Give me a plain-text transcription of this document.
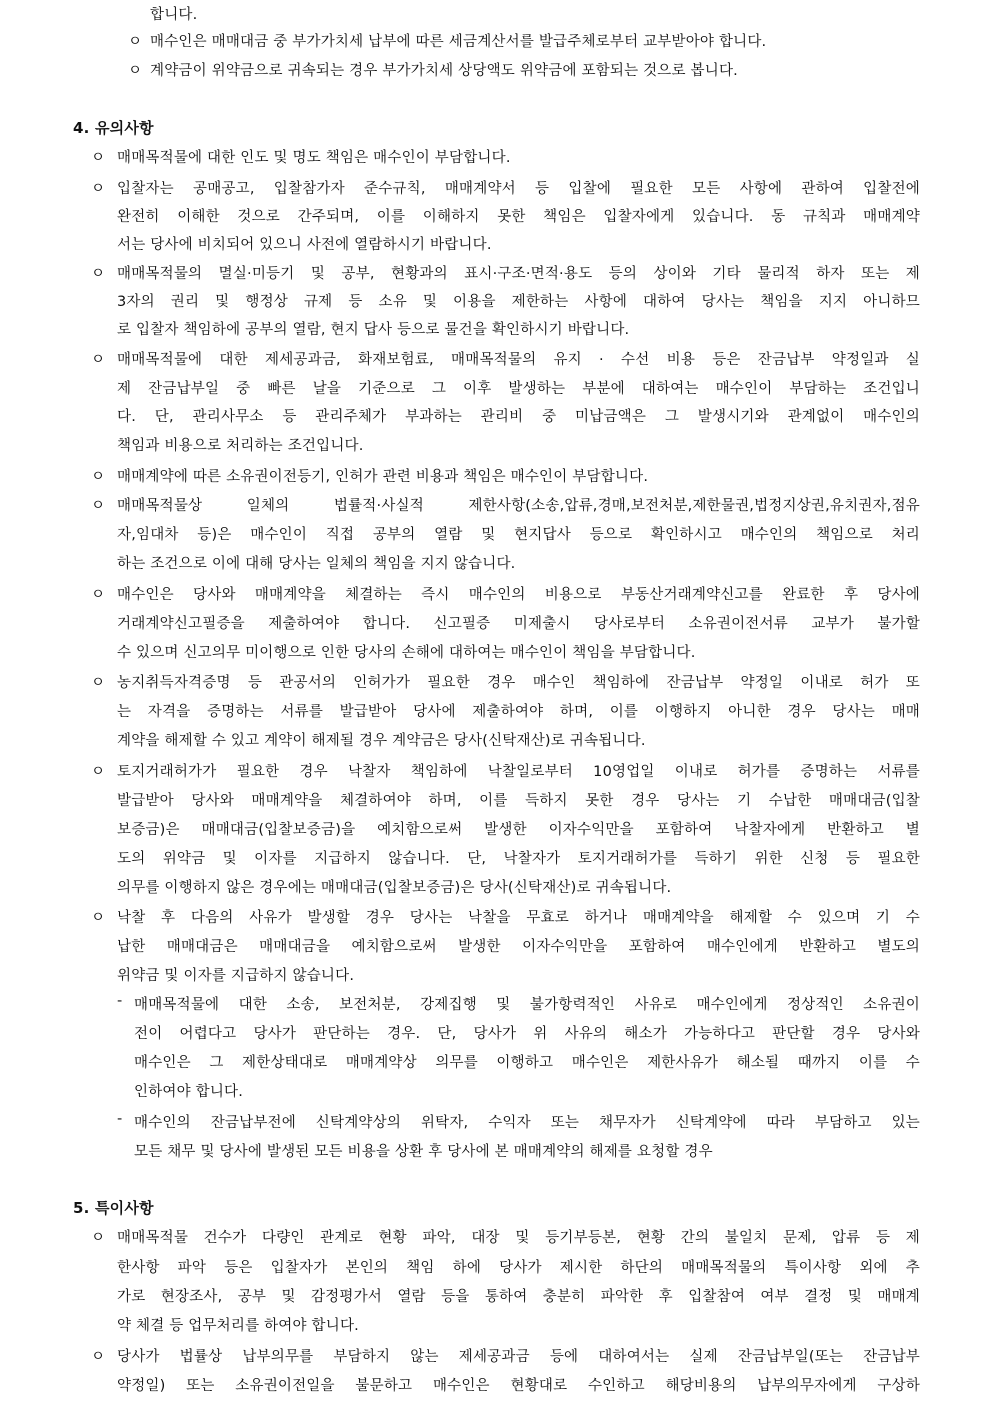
합니다.
ㅇ 매수인은 매매대금 중 부가가치세 납부에 따른 세금계산서를 발급주체로부터 교부받아야 합니다.
ㅇ 계약금이 위약금으로 귀속되는 경우 부가가치세 상당액도 위약금에 포함되는 것으로 봅니다.
4. 유의사항
ㅇ 매매목적물에 대한 인도 및 명도 책임은 매수인이 부담합니다.
ㅇ 입찰자는 공매공고, 입찰참가자 준수규칙, 매매계약서 등 입찰에 필요한 모든 사항에 관하여 입찰전에
완전히 이해한 것으로 간주되며, 이를 이해하지 못한 책임은 입찰자에게 있습니다. 동 규칙과 매매계약
서는 당사에 비치되어 있으니 사전에 열람하시기 바랍니다.
ㅇ 매매목적물의 멸실·미등기 및 공부, 현황과의 표시·구조·면적·용도 등의 상이와 기타 물리적 하자 또는 제
3자의 권리 및 행정상 규제 등 소유 및 이용을 제한하는 사항에 대하여 당사는 책임을 지지 아니하므
로 입찰자 책임하에 공부의 열람, 현지 답사 등으로 물건을 확인하시기 바랍니다.
ㅇ 매매목적물에 대한 제세공과금, 화재보험료, 매매목적물의 유지 · 수선 비용 등은 잔금납부 약정일과 실
제 잔금납부일 중 빠른 날을 기준으로 그 이후 발생하는 부분에 대하여는 매수인이 부담하는 조건입니
다. 단, 관리사무소 등 관리주체가 부과하는 관리비 중 미납금액은 그 발생시기와 관계없이 매수인의
책임과 비용으로 처리하는 조건입니다.
ㅇ 매매계약에 따른 소유권이전등기, 인허가 관련 비용과 책임은 매수인이 부담합니다.
ㅇ 매매목적물상 일체의 법률적·사실적 제한사항(소송,압류,경매,보전처분,제한물권,법정지상권,유치권자,점유
자,임대차 등)은 매수인이 직접 공부의 열람 및 현지답사 등으로 확인하시고 매수인의 책임으로 처리
하는 조건으로 이에 대해 당사는 일체의 책임을 지지 않습니다.
ㅇ 매수인은 당사와 매매계약을 체결하는 즉시 매수인의 비용으로 부동산거래계약신고를 완료한 후 당사에
거래계약신고필증을 제출하여야 합니다. 신고필증 미제출시 당사로부터 소유권이전서류 교부가 불가할
수 있으며 신고의무 미이행으로 인한 당사의 손해에 대하여는 매수인이 책임을 부담합니다.
ㅇ 농지취득자격증명 등 관공서의 인허가가 필요한 경우 매수인 책임하에 잔금납부 약정일 이내로 허가 또
는 자격을 증명하는 서류를 발급받아 당사에 제출하여야 하며, 이를 이행하지 아니한 경우 당사는 매매
계약을 해제할 수 있고 계약이 해제될 경우 계약금은 당사(신탁재산)로 귀속됩니다.
ㅇ 토지거래허가가 필요한 경우 낙찰자 책임하에 낙찰일로부터 10영업일 이내로 허가를 증명하는 서류를
발급받아 당사와 매매계약을 체결하여야 하며, 이를 득하지 못한 경우 당사는 기 수납한 매매대금(입찰
보증금)은 매매대금(입찰보증금)을 예치함으로써 발생한 이자수익만을 포함하여 낙찰자에게 반환하고 별
도의 위약금 및 이자를 지급하지 않습니다. 단, 낙찰자가 토지거래허가를 득하기 위한 신청 등 필요한
의무를 이행하지 않은 경우에는 매매대금(입찰보증금)은 당사(신탁재산)로 귀속됩니다.
ㅇ 낙찰 후 다음의 사유가 발생할 경우 당사는 낙찰을 무효로 하거나 매매계약을 해제할 수 있으며 기 수
납한 매매대금은 매매대금을 예치함으로써 발생한 이자수익만을 포함하여 매수인에게 반환하고 별도의
위약금 및 이자를 지급하지 않습니다.
- 매매목적물에 대한 소송, 보전처분, 강제집행 및 불가항력적인 사유로 매수인에게 정상적인 소유권이
전이 어렵다고 당사가 판단하는 경우. 단, 당사가 위 사유의 해소가 가능하다고 판단할 경우 당사와
매수인은 그 제한상태대로 매매계약상 의무를 이행하고 매수인은 제한사유가 해소될 때까지 이를 수
인하여야 합니다.
- 매수인의 잔금납부전에 신탁계약상의 위탁자, 수익자 또는 채무자가 신탁계약에 따라 부담하고 있는
모든 채무 및 당사에 발생된 모든 비용을 상환 후 당사에 본 매매계약의 해제를 요청할 경우
5. 특이사항
ㅇ 매매목적물 건수가 다량인 관계로 현황 파악, 대장 및 등기부등본, 현황 간의 불일치 문제, 압류 등 제
한사항 파악 등은 입찰자가 본인의 책임 하에 당사가 제시한 하단의 매매목적물의 특이사항 외에 추
가로 현장조사, 공부 및 감정평가서 열람 등을 통하여 충분히 파악한 후 입찰참여 여부 결정 및 매매계
약 체결 등 업무처리를 하여야 합니다.
ㅇ 당사가 법률상 납부의무를 부담하지 않는 제세공과금 등에 대하여서는 실제 잔금납부일(또는 잔금납부
약정일) 또는 소유권이전일을 불문하고 매수인은 현황대로 수인하고 해당비용의 납부의무자에게 구상하
